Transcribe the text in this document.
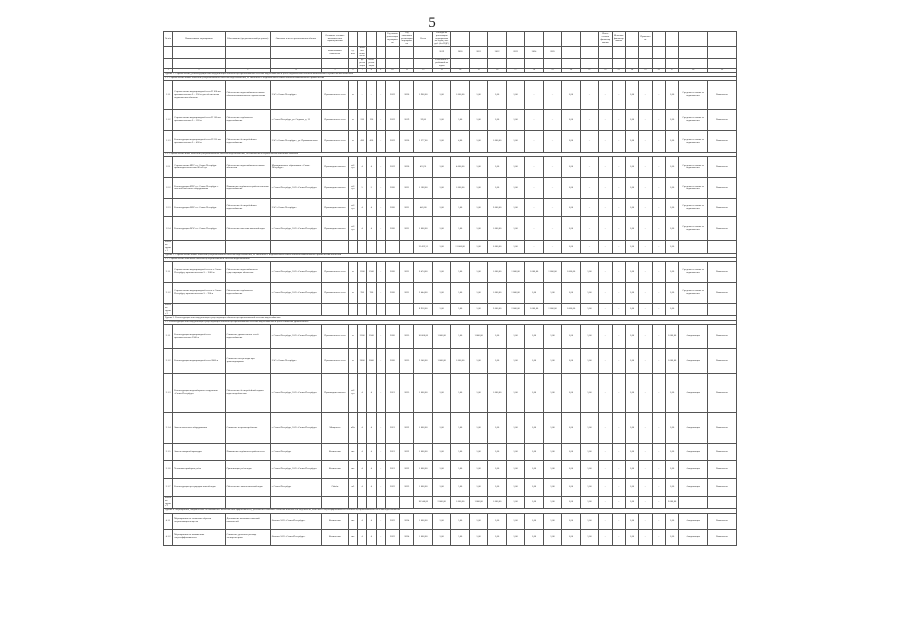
5
№ п/п	Наименование мероприятия	Обоснование (предполагаемый результат)	Описание и место расположения объекта	Основные технико-экономические характеристики					Год начала реализации мероприятия	Год окончания реализации мероприятия	Всего	Расходы на реализацию мероприятия по годам, тыс. руб. (без НДС)									Итого остаток финансирования	Источник финансирования		Примечание				
				наименование показателя	ед. изм.	Значение показателя						2019	2020	2021	2022	2023	2024	2025										
						до реализации	после реализации					в том числе с разбивкой по годам																
1	2	3	4	5	6	7	8	9	10	11	12	13	14	15	16	17	18	19	20	21	22	23	24	25	26	27	28	29
Группа 1. Строительство, реконструкция или модернизация объектов централизованной системы водоснабжения в целях подключения объектов капитального строительства абонентов																												
1.1. Строительство новых объектов централизованной системы водоснабжения, не связанных с подключением новых объектов капитального строительства																												
1.1.1	Строительство водопроводной сети D 160 мм протяженностью L = 250 м для обеспечения подключения объектов	Обеспечение водоснабжением новых объектов капитального строительства	ЗАО «Санкт-Петербург»	Протяженность сети	м	–	–	–	2019	2020	5 900,00	5,00	1 000,00	5,00	5,00	5,00	–	–	5,00	–	–	–	5,00	–	–	5,00	Средства от платы за подключение	Выполнено
1.1.2	Строительство водопроводной сети D 110 мм протяженностью L = 120 м	Обеспечение надёжности водоснабжения	г. Санкт-Петербург, ул. Садовая, д. 12	Протяженность сети	м	120	120	–	2019	2019	39,00	5,00	5,00	5,00	5,00	5,00	–	–	5,00	–	–	–	5,00	–	–	5,00	Средства от платы за подключение	Выполнено
1.1.3	Реконструкция водопроводной сети D 225 мм протяженностью L = 430 м	Обеспечение бесперебойного водоснабжения	ЗАО «Санкт-Петербург», ул. Промышленная	Протяженность сети	м	430	430	–	2019	2020	1 377,00	5,00	4,00	5,00	1 000,00	5,00	–	–	5,00	–	–	–	5,00	–	–	5,00	Средства от платы за подключение	Выполнено
1.2. Строительство иных объектов централизованной системы водоснабжения, за исключением строительства линейных объектов																												
1.2.1	Строительство КНС в г. Санкт-Петербург производительностью 80 м3/сут	Обеспечение водоснабжением новых абонентов	Муниципальное образование «Санкт-Петербург»	Производительность	м3/сут	4	4	–	2019	2020	453,51	5,00	4 000,00	5,00	5,00	5,00	–	–	5,00	–	–	–	5,00	–	–	5,00	Средства от платы за подключение	Выполнено
1.2.2	Реконструкция КНС в г. Санкт-Петербург с заменой насосного оборудования	Повышение надёжности работы системы водоснабжения	г. Санкт-Петербург, ЗАО «Санкт-Петербург»	Производительность	м3/сут	5	5	–	2020	2021	1 188,00	5,00	1 000,00	5,00	5,00	5,00	–	–	5,00	–	–	–	5,00	–	–	5,00	Средства от платы за подключение	Выполнено
1.2.3	Реконструкция ВНС в г. Санкт-Петербург	Обеспечение бесперебойного водоснабжения	ЗАО «Санкт-Петербург»	Производительность	м3/сут	4	4	–	2020	2021	445,00	5,00	5,00	5,00	2 000,00	5,00	–	–	5,00	–	–	–	5,00	–	–	5,00	Средства от платы за подключение	Выполнено
1.2.4	Реконструкция ВОС в г. Санкт-Петербург	Обеспечение качества питьевой воды	г. Санкт-Петербург, ЗАО «Санкт-Петербург»	Производительность	м3/сут	4	4	–	2020	2021	1 000,00	5,00	5,00	5,00	1 000,00	5,00	–	–	5,00	–	–	–	5,00	–	–	5,00	Средства от платы за подключение	Выполнено
Итого по группе 1											12 423,51	5,00	11 000,00	5,00	5 000,00	5,00	–	–	5,00	–	–	–	5,00	–	–	5,00		
Группа 2. Строительство новых объектов централизованной системы водоснабжения, не связанных с подключением новых объектов капитального строительства абонентов																												
2.1. Строительство линейных объектов централизованной системы водоснабжения																												
2.1.1	Строительство водопроводной сети в г. Санкт-Петербург, протяженностью L = 1500 м	Обеспечение водоснабжением существующих абонентов	г. Санкт-Петербург, ЗАО «Санкт-Петербург»	Протяженность сети	м	1500	1500	–	2020	2021	6 474,00	5,00	5,00	5,00	1 000,00	1 000,00	1 000,00	1 000,00	1 000,00	5,00	–	–	5,00	–	–	5,00	Средства от платы за подключение	Выполнено
2.1.2	Строительство водопроводной сети в г. Санкт-Петербург, протяженностью L = 700 м	Обеспечение надёжности водоснабжения	г. Санкт-Петербург, ЗАО «Санкт-Петербург»	Протяженность сети	м	700	700	–	2020	2021	2 444,00	5,00	5,00	5,00	1 000,00	1 000,00	5,00	5,00	5,00	5,00	–	–	5,00	–	–	5,00	Средства от платы за подключение	Выполнено
Итого по группе 2											8 918,00	5,00	5,00	5,00	2 000,00	2 000,00	1 000,00	1 000,00	1 000,00	5,00	–	–	5,00	–	–	5,00		
Группа 3. Реконструкция или модернизация существующих объектов централизованной системы водоснабжения																												
3.1. Реконструкция или модернизация существующих объектов централизованной системы водоснабжения в целях снижения уровня износа																												
3.1.1	Реконструкция водопроводной сети протяженностью 3500 м	Снижение уровня износа сетей водоснабжения	г. Санкт-Петербург, ЗАО «Санкт-Петербург»	Протяженность сети	м	3500	3500	–	2020	2025	10 000,00	1 000,00	5,00	1 000,00	5,00	5,00	5,00	5,00	5,00	5,00	–	–	5,00	–	–	1 000,00	Амортизация	Выполнено
3.1.2	Реконструкция водопроводной сети 2000 м	Снижение потерь воды при транспортировке	ЗАО «Санкт-Петербург»	Протяженность сети	м	2000	2000	–	2020	2025	3 540,00	1 000,00	1 000,00	5,00	5,00	5,00	5,00	5,00	5,00	5,00	–	–	5,00	–	–	1 000,00	Амортизация	Выполнено
3.1.3	Реконструкция водозаборного сооружения «Санкт-Петербург»	Обеспечение бесперебойной подачи воды потребителям	г. Санкт-Петербург, ЗАО «Санкт-Петербург»	Производительность	м3/сут	4	4	–	2021	2025	1 000,00	5,00	5,00	5,00	1 000,00	5,00	5,00	5,00	5,00	5,00	–	–	5,00	–	–	5,00	Амортизация	Выполнено
3.1.4	Замена насосного оборудования	Снижение энергопотребления	г. Санкт-Петербург, ЗАО «Санкт-Петербург»	Мощность	кВт	4	4	–	2021	2022	1 000,00	5,00	5,00	5,00	5,00	5,00	5,00	5,00	5,00	5,00	–	–	5,00	–	–	5,00	Амортизация	Выполнено
3.1.5	Замена запорной арматуры	Повышение надёжности работы сети	г. Санкт-Петербург	Количество	шт.	4	4	–	2021	2022	1 000,00	5,00	5,00	5,00	5,00	5,00	5,00	5,00	5,00	5,00	–	–	5,00	–	–	5,00	Амортизация	Выполнено
3.1.6	Установка приборов учёта	Организация учёта воды	г. Санкт-Петербург, ЗАО «Санкт-Петербург»	Количество	шт.	4	4	–	2021	2022	1 000,00	5,00	5,00	5,00	5,00	5,00	5,00	5,00	5,00	5,00	–	–	5,00	–	–	5,00	Амортизация	Выполнено
3.1.7	Реконструкция резервуаров чистой воды	Обеспечение запаса питьевой воды	г. Санкт-Петербург	Объём	м3	4	4	–	2022	2023	1 000,00	5,00	5,00	5,00	5,00	5,00	5,00	5,00	5,00	5,00	–	–	5,00	–	–	5,00	Амортизация	Выполнено
Итого по группе 3											18 540,00	2 000,00	1 000,00	1 000,00	1 000,00	5,00	5,00	5,00	5,00	5,00	–	–	5,00	–	–	2 000,00		
Группа 4. Мероприятия, направленные на повышение экологической эффективности, достижение плановых значений показателей надёжности, качества и энергоэффективности объектов централизованной системы водоснабжения																												
4.1.1	Мероприятия по снижению сбросов загрязняющих веществ	Достижение плановых значений показателей	Филиал ЗАО «Санкт-Петербург»	Количество	шт.	4	4	–	2022	2024	1 000,00	5,00	5,00	5,00	5,00	5,00	5,00	5,00	5,00	5,00	–	–	5,00	–	–	5,00	Амортизация	Выполнено
4.1.2	Мероприятия по повышению энергоэффективности	Снижение удельного расхода электроэнергии	Филиал ЗАО «Санкт-Петербург»	Количество	шт.	4	4	–	2022	2024	1 000,00	5,00	5,00	5,00	5,00	5,00	5,00	5,00	5,00	5,00	–	–	5,00	–	–	5,00	Амортизация	Выполнено
